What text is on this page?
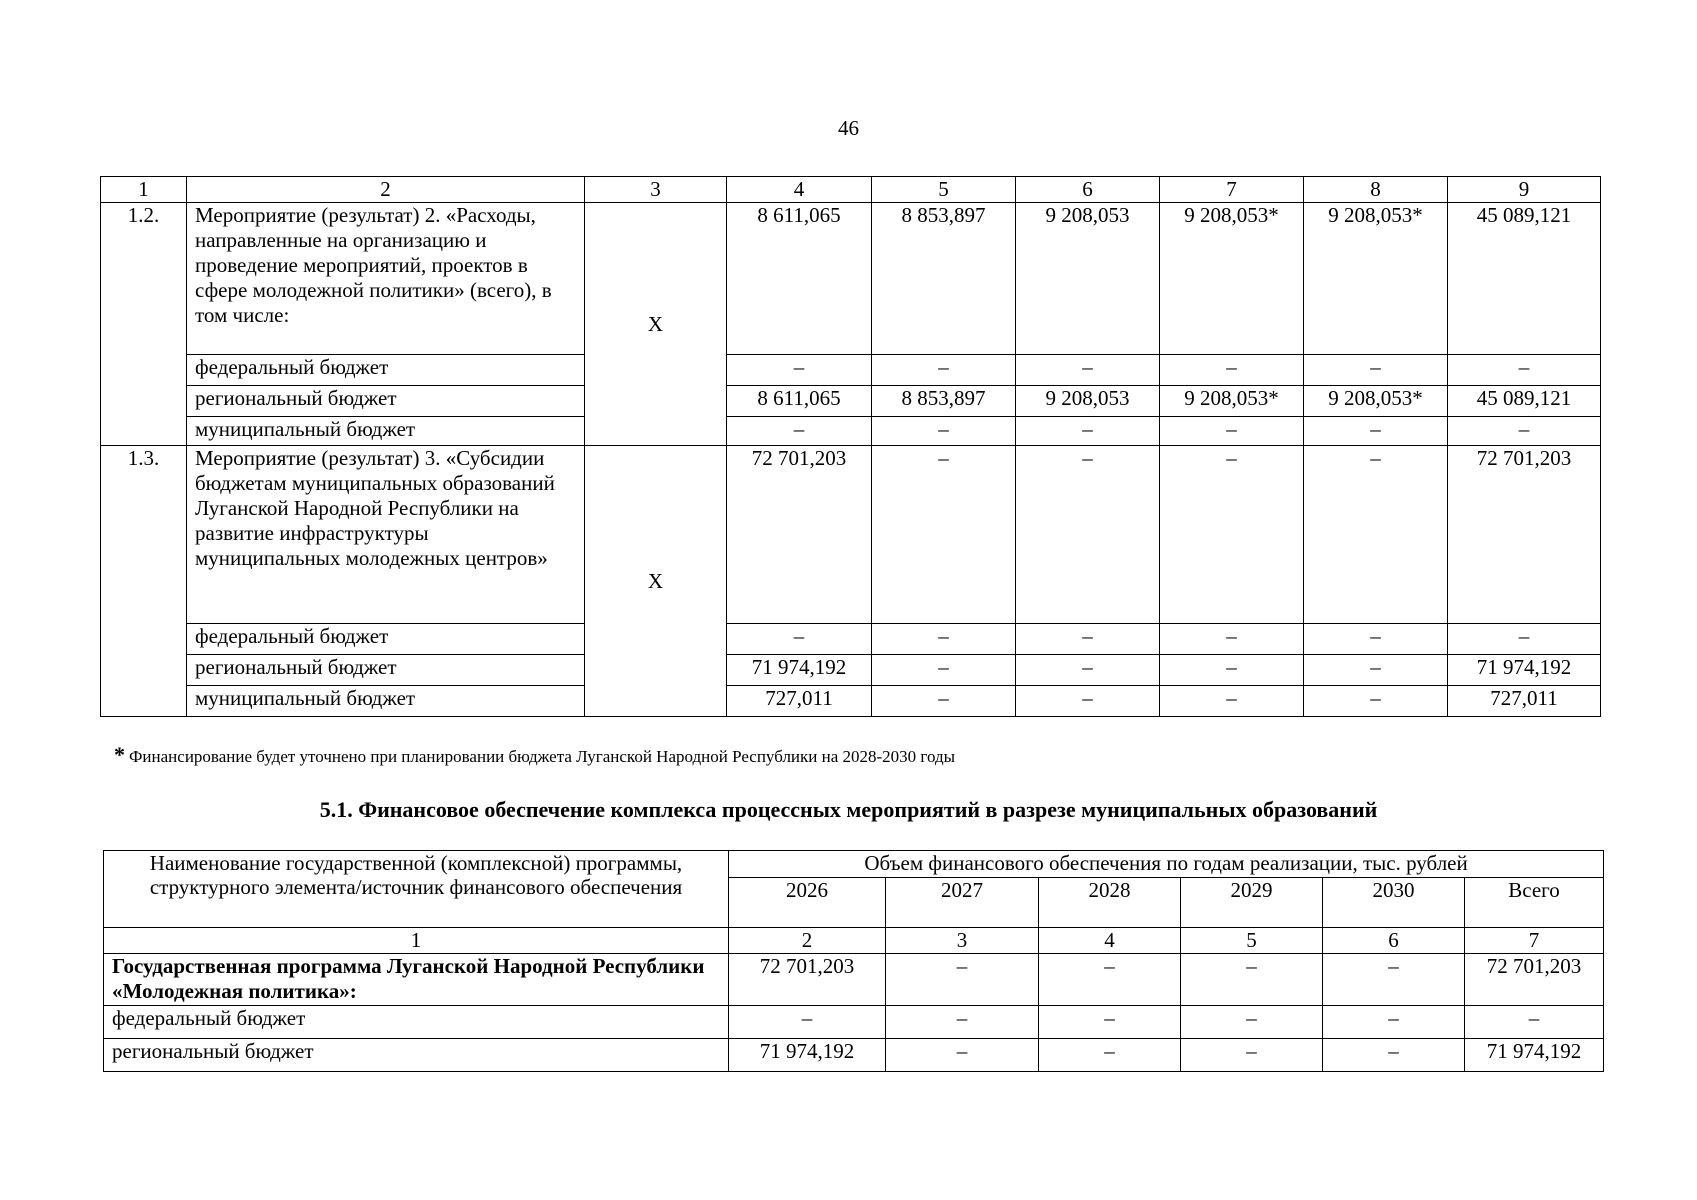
46
1	2	3	4	5	6	7	8	9
1.2.	Мероприятие (результат) 2. «Расходы, направленные на организацию и проведение мероприятий, проектов в сфере молодежной политики» (всего), в том числе:	Х	8 611,065	8 853,897	9 208,053	9 208,053*	9 208,053*	45 089,121
	федеральный бюджет		–	–	–	–	–	–
	региональный бюджет		8 611,065	8 853,897	9 208,053	9 208,053*	9 208,053*	45 089,121
	муниципальный бюджет		–	–	–	–	–	–
1.3.	Мероприятие (результат) 3. «Субсидии бюджетам муниципальных образований Луганской Народной Республики на развитие инфраструктуры муниципальных молодежных центров»	Х	72 701,203	–	–	–	–	72 701,203
	федеральный бюджет		–	–	–	–	–	–
	региональный бюджет		71 974,192	–	–	–	–	71 974,192
	муниципальный бюджет		727,011	–	–	–	–	727,011
* Финансирование будет уточнено при планировании бюджета Луганской Народной Республики на 2028-2030 годы
5.1. Финансовое обеспечение комплекса процессных мероприятий в разрезе муниципальных образований
Наименование государственной (комплексной) программы, структурного элемента/источник финансового обеспечения	Объем финансового обеспечения по годам реализации, тыс. рублей					
	2026	2027	2028	2029	2030	Всего
1	2	3	4	5	6	7
Государственная программа Луганской Народной Республики «Молодежная политика»:	72 701,203	–	–	–	–	72 701,203
федеральный бюджет	–	–	–	–	–	–
региональный бюджет	71 974,192	–	–	–	–	71 974,192
